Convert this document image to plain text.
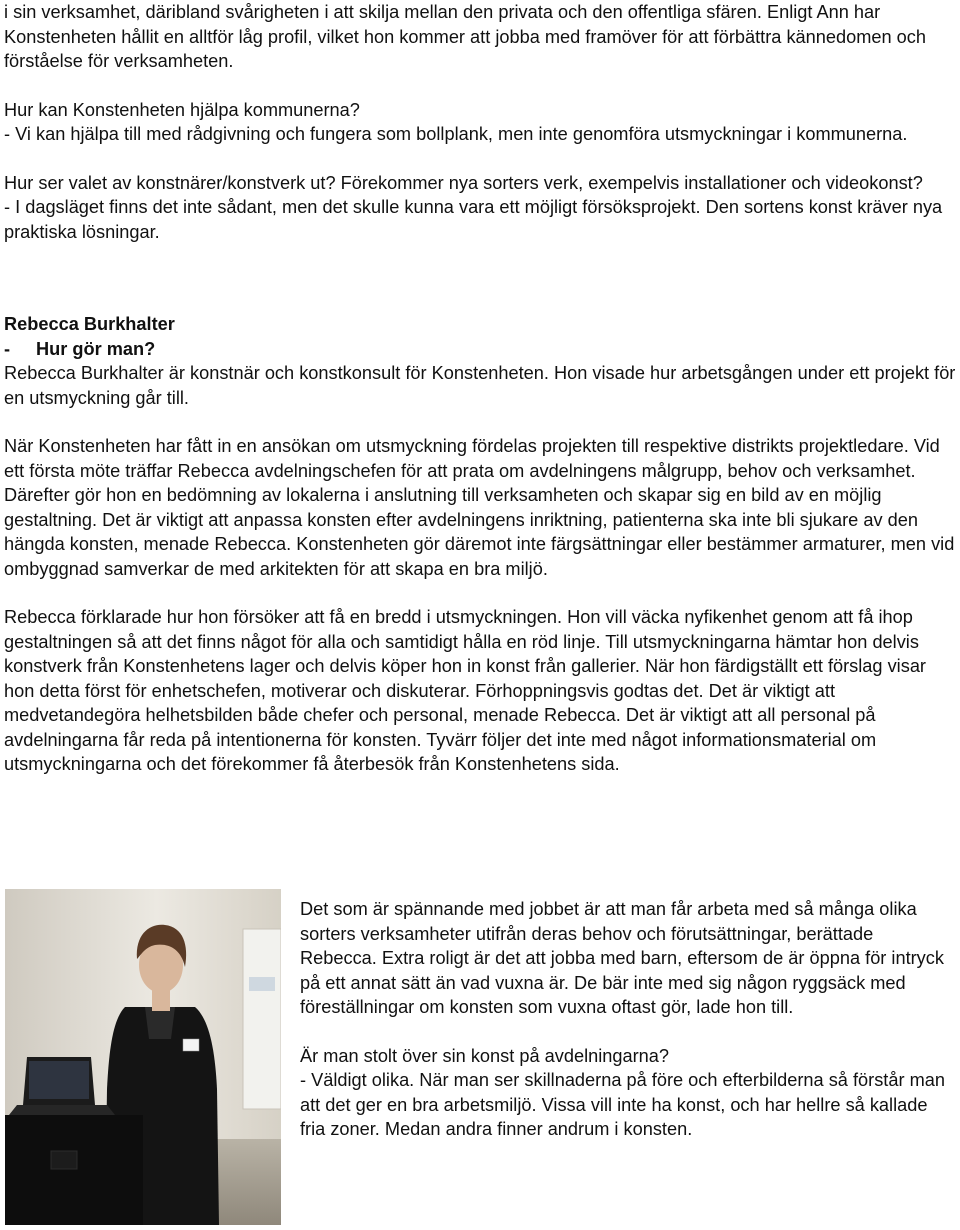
i sin verksamhet, däribland svårigheten i att skilja mellan den privata och den offentliga sfären. Enligt Ann har Konstenheten hållit en alltför låg profil, vilket hon kommer att jobba med framöver för att förbättra kännedomen och förståelse för verksamheten.

Hur kan Konstenheten hjälpa kommunerna?

- Vi kan hjälpa till med rådgivning och fungera som bollplank, men inte genomföra utsmyckningar i kommunerna.

Hur ser valet av konstnärer/konstverk ut? Förekommer nya sorters verk, exempelvis installationer och videokonst?

- I dagsläget finns det inte sådant, men det skulle kunna vara ett möjligt försöksprojekt. Den sortens konst kräver nya praktiska lösningar.

Rebecca Burkhalter

- Hur gör man?

Rebecca Burkhalter är konstnär och konstkonsult för Konstenheten. Hon visade hur arbetsgången under ett projekt för en utsmyckning går till.

När Konstenheten har fått in en ansökan om utsmyckning fördelas projekten till respektive distrikts projektledare. Vid ett första möte träffar Rebecca avdelningschefen för att prata om avdelningens målgrupp, behov och verksamhet. Därefter gör hon en bedömning av lokalerna i anslutning till verksamheten och skapar sig en bild av en möjlig gestaltning. Det är viktigt att anpassa konsten efter avdelningens inriktning, patienterna ska inte bli sjukare av den hängda konsten, menade Rebecca. Konstenheten gör däremot inte färgsättningar eller bestämmer armaturer, men vid ombyggnad samverkar de med arkitekten för att skapa en bra miljö.

Rebecca förklarade hur hon försöker att få en bredd i utsmyckningen. Hon vill väcka nyfikenhet genom att få ihop gestaltningen så att det finns något för alla och samtidigt hålla en röd linje. Till utsmyckningarna hämtar hon delvis konstverk från Konstenhetens lager och delvis köper hon in konst från gallerier. När hon färdigställt ett förslag visar hon detta först för enhetschefen, motiverar och diskuterar. Förhoppningsvis godtas det. Det är viktigt att medvetandegöra helhetsbilden både chefer och personal, menade Rebecca. Det är viktigt att all personal på avdelningarna får reda på intentionerna för konsten. Tyvärr följer det inte med något informationsmaterial om utsmyckningarna och det förekommer få återbesök från Konstenhetens sida.

Det som är spännande med jobbet är att man får arbeta med så många olika sorters verksamheter utifrån deras behov och förutsättningar, berättade Rebecca. Extra roligt är det att jobba med barn, eftersom de är öppna för intryck på ett annat sätt än vad vuxna är. De bär inte med sig någon ryggsäck med föreställningar om konsten som vuxna oftast gör, lade hon till.

Är man stolt över sin konst på avdelningarna?

- Väldigt olika. När man ser skillnaderna på före och efterbilderna så förstår man att det ger en bra arbetsmiljö. Vissa vill inte ha konst, och har hellre så kallade fria zoner. Medan andra finner andrum i konsten.
